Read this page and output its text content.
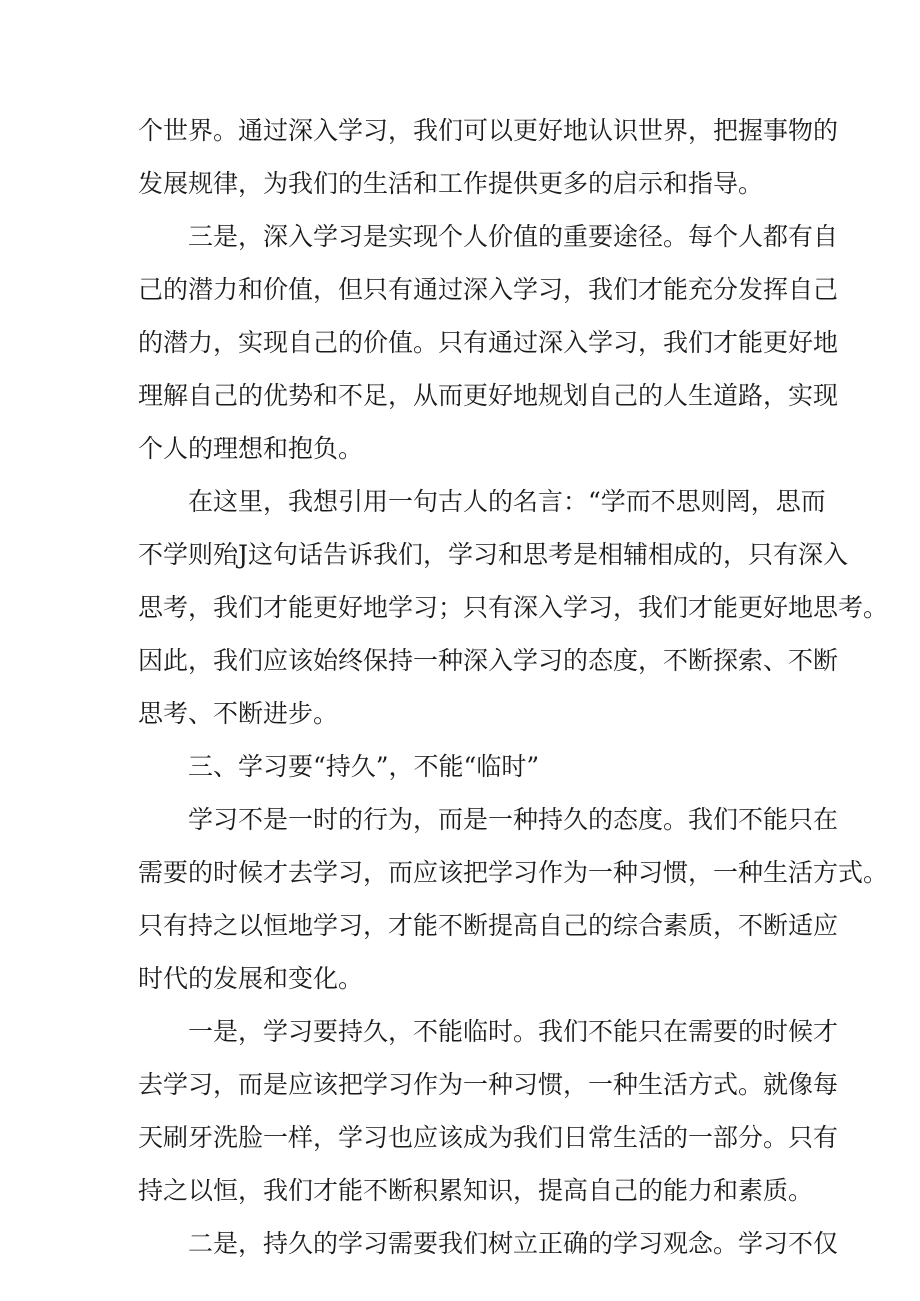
个世界。通过深入学习，我们可以更好地认识世界，把握事物的
发展规律，为我们的生活和工作提供更多的启示和指导。
三是，深入学习是实现个人价值的重要途径。每个人都有自
己的潜力和价值，但只有通过深入学习，我们才能充分发挥自己
的潜力，实现自己的价值。只有通过深入学习，我们才能更好地
理解自己的优势和不足，从而更好地规划自己的人生道路，实现
个人的理想和抱负。
在这里，我想引用一句古人的名言：“学而不思则罔，思而
不学则殆J这句话告诉我们，学习和思考是相辅相成的，只有深入
思考，我们才能更好地学习；只有深入学习，我们才能更好地思考。
因此，我们应该始终保持一种深入学习的态度，不断探索、不断
思考、不断进步。
三、学习要“持久”，不能“临时”
学习不是一时的行为，而是一种持久的态度。我们不能只在
需要的时候才去学习，而应该把学习作为一种习惯，一种生活方式。
只有持之以恒地学习，才能不断提高自己的综合素质，不断适应
时代的发展和变化。
一是，学习要持久，不能临时。我们不能只在需要的时候才
去学习，而是应该把学习作为一种习惯，一种生活方式。就像每
天刷牙洗脸一样，学习也应该成为我们日常生活的一部分。只有
持之以恒，我们才能不断积累知识，提高自己的能力和素质。
二是，持久的学习需要我们树立正确的学习观念。学习不仅
